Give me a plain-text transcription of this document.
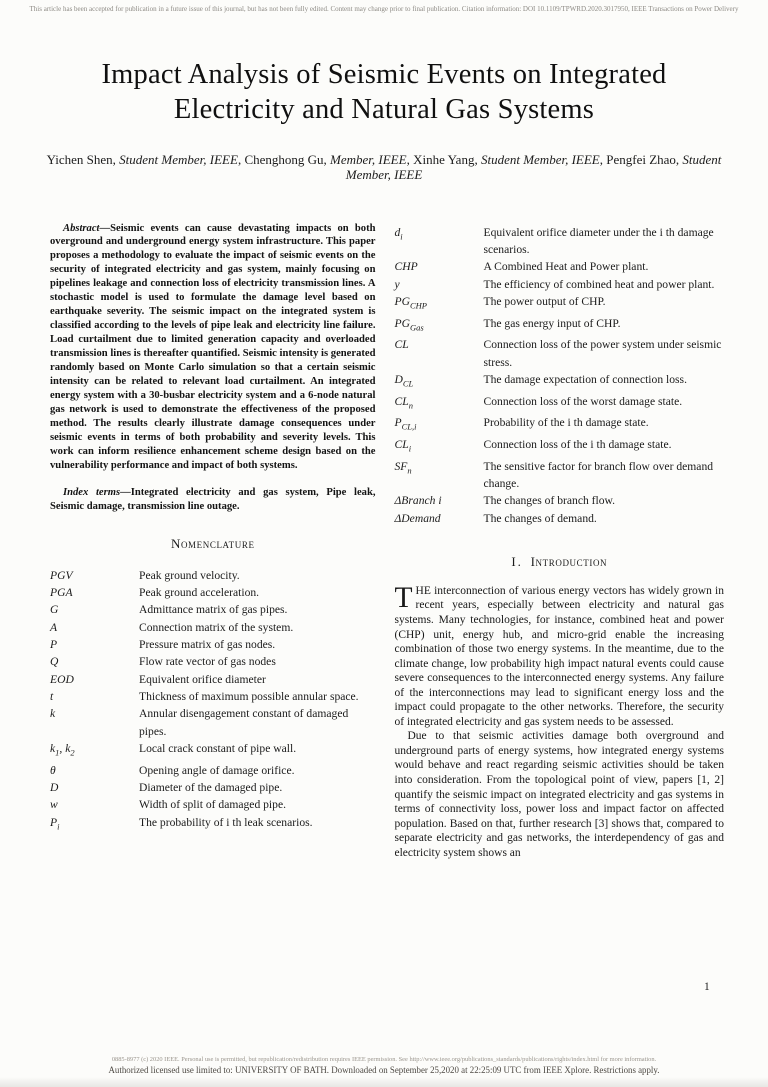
This article has been accepted for publication in a future issue of this journal, but has not been fully edited. Content may change prior to final publication. Citation information: DOI 10.1109/TPWRD.2020.3017950, IEEE Transactions on Power Delivery
Impact Analysis of Seismic Events on Integrated Electricity and Natural Gas Systems
Yichen Shen, Student Member, IEEE, Chenghong Gu, Member, IEEE, Xinhe Yang, Student Member, IEEE, Pengfei Zhao, Student Member, IEEE

Abstract—Seismic events can cause devastating impacts on both overground and underground energy system infrastructure. This paper proposes a methodology to evaluate the impact of seismic events on the security of integrated electricity and gas system, mainly focusing on pipelines leakage and connection loss of electricity transmission lines. A stochastic model is used to formulate the damage level based on earthquake severity. The seismic impact on the integrated system is classified according to the levels of pipe leak and electricity line failure. Load curtailment due to limited generation capacity and overloaded transmission lines is thereafter quantified. Seismic intensity is generated randomly based on Monte Carlo simulation so that a certain seismic intensity can be related to relevant load curtailment. An integrated energy system with a 30-busbar electricity system and a 6-node natural gas network is used to demonstrate the effectiveness of the proposed method. The results clearly illustrate damage consequences under seismic events in terms of both probability and severity levels. This work can inform resilience enhancement scheme design based on the vulnerability performance and impact of both systems.

Index terms—Integrated electricity and gas system, Pipe leak, Seismic damage, transmission line outage.

Nomenclature
PGV	Peak ground velocity.
PGA	Peak ground acceleration.
G	Admittance matrix of gas pipes.
A	Connection matrix of the system.
P	Pressure matrix of gas nodes.
Q	Flow rate vector of gas nodes
EOD	Equivalent orifice diameter
t	Thickness of maximum possible annular space.
k	Annular disengagement constant of damaged pipes.
$k_1$, $k_2$	Local crack constant of pipe wall.
θ	Opening angle of damage orifice.
D	Diameter of the damaged pipe.
w	Width of split of damaged pipe.
$P_i$	The probability of i th leak scenarios.
$d_i$	Equivalent orifice diameter under the i th damage scenarios.
CHP	A Combined Heat and Power plant.
y	The efficiency of combined heat and power plant.
$PG_{CHP}$	The power output of CHP.
$PG_{Gas}$	The gas energy input of CHP.
CL	Connection loss of the power system under seismic stress.
$D_{CL}$	The damage expectation of connection loss.
$CL_n$	Connection loss of the worst damage state.
$P_{CL,i}$	Probability of the i th damage state.
$CL_i$	Connection loss of the i th damage state.
$SF_n$	The sensitive factor for branch flow over demand change.
ΔBranch i	The changes of branch flow.
ΔDemand	The changes of demand.
I. Introduction

THE interconnection of various energy vectors has widely grown in recent years, especially between electricity and natural gas systems. Many technologies, for instance, combined heat and power (CHP) unit, energy hub, and micro-grid enable the increasing combination of those two energy systems. In the meantime, due to the climate change, low probability high impact natural events could cause severe consequences to the interconnected energy systems. Any failure of the interconnections may lead to significant energy loss and the impact could propagate to the other networks. Therefore, the security of integrated electricity and gas system needs to be assessed.

Due to that seismic activities damage both overground and underground parts of energy systems, how integrated energy systems would behave and react regarding seismic activities should be taken into consideration. From the topological point of view, papers [1, 2] quantify the seismic impact on integrated electricity and gas systems in terms of connectivity loss, power loss and impact factor on affected population. Based on that, further research [3] shows that, compared to separate electricity and gas networks, the interdependency of gas and electricity system shows an

1
0885-8977 (c) 2020 IEEE. Personal use is permitted, but republication/redistribution requires IEEE permission. See http://www.ieee.org/publications_standards/publications/rights/index.html for more information.
Authorized licensed use limited to: UNIVERSITY OF BATH. Downloaded on September 25,2020 at 22:25:09 UTC from IEEE Xplore. Restrictions apply.
